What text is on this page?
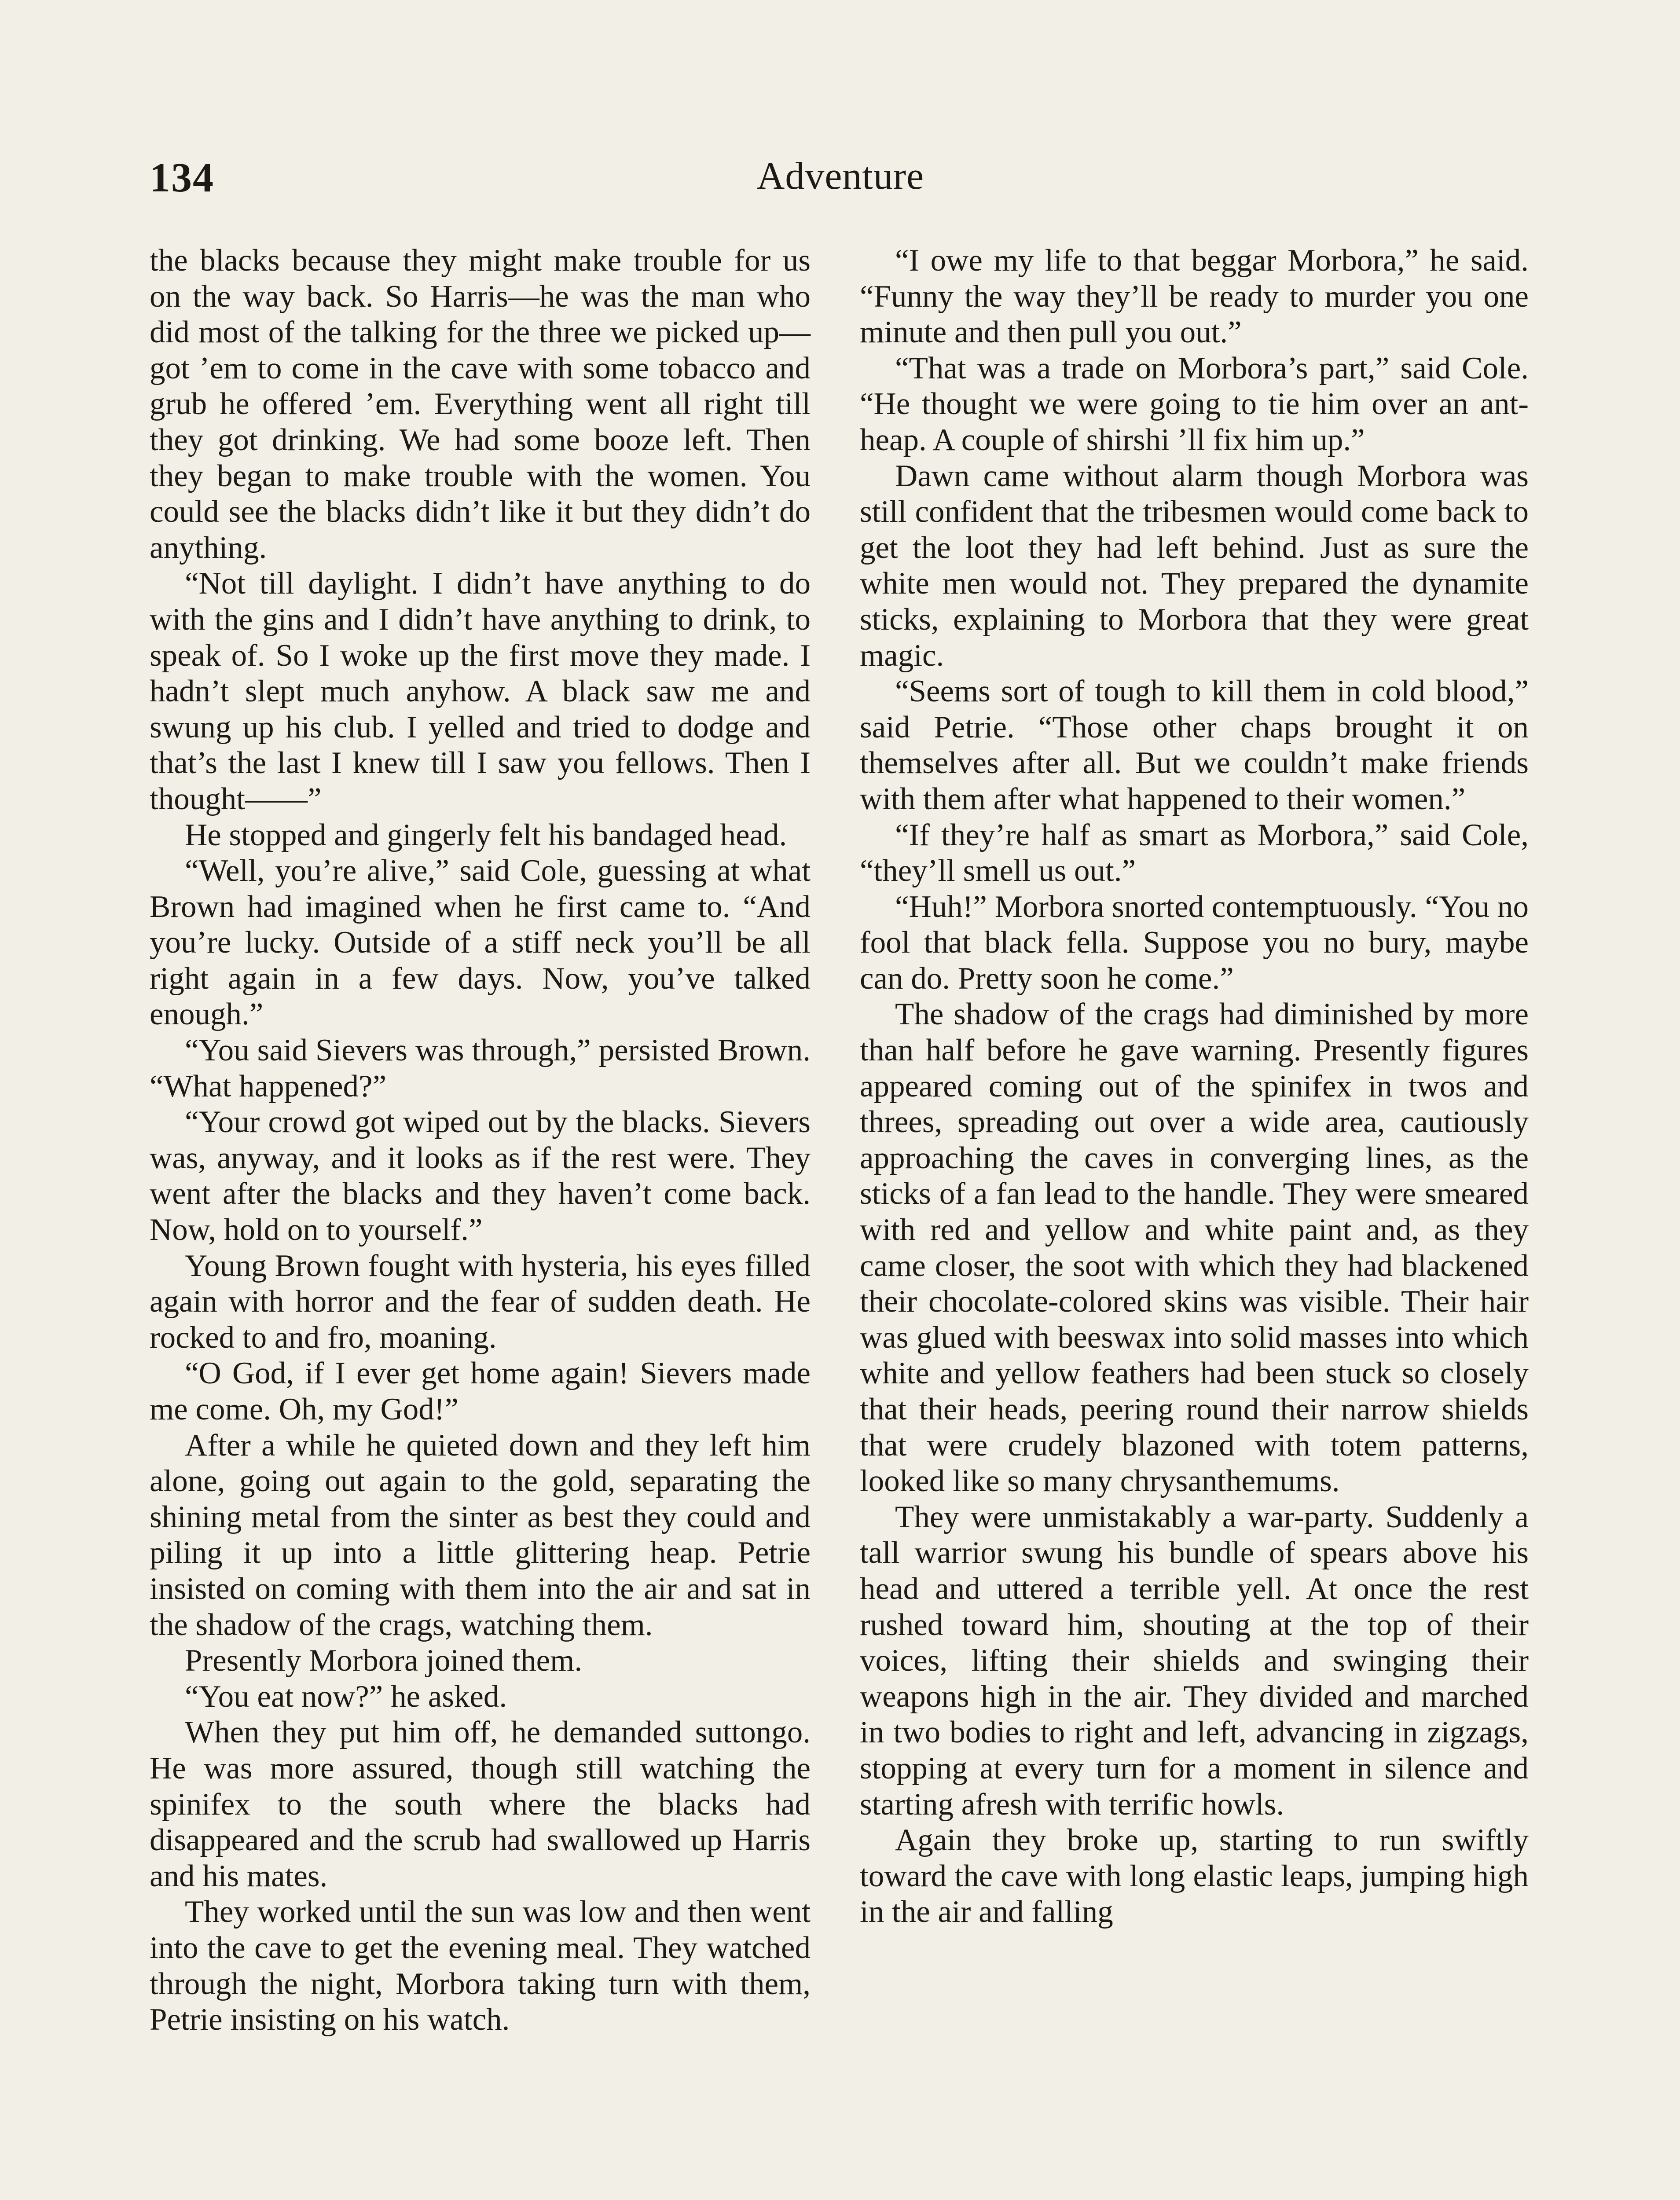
134	Adventure

the blacks because they might make trouble for us on the way back. So Harris—he was the man who did most of the talking for the three we picked up—got ’em to come in the cave with some tobacco and grub he offered ’em. Everything went all right till they got drinking. We had some booze left. Then they began to make trouble with the women. You could see the blacks didn’t like it but they didn’t do anything.

“Not till daylight. I didn’t have anything to do with the gins and I didn’t have anything to drink, to speak of. So I woke up the first move they made. I hadn’t slept much anyhow. A black saw me and swung up his club. I yelled and tried to dodge and that’s the last I knew till I saw you fellows. Then I thought——”

He stopped and gingerly felt his bandaged head.

“Well, you’re alive,” said Cole, guessing at what Brown had imagined when he first came to. “And you’re lucky. Outside of a stiff neck you’ll be all right again in a few days. Now, you’ve talked enough.”

“You said Sievers was through,” persisted Brown. “What happened?”

“Your crowd got wiped out by the blacks. Sievers was, anyway, and it looks as if the rest were. They went after the blacks and they haven’t come back. Now, hold on to yourself.”

Young Brown fought with hysteria, his eyes filled again with horror and the fear of sudden death. He rocked to and fro, moaning.

“O God, if I ever get home again! Sievers made me come. Oh, my God!”

After a while he quieted down and they left him alone, going out again to the gold, separating the shining metal from the sinter as best they could and piling it up into a little glittering heap. Petrie insisted on coming with them into the air and sat in the shadow of the crags, watching them.

Presently Morbora joined them.

“You eat now?” he asked.

When they put him off, he demanded suttongo. He was more assured, though still watching the spinifex to the south where the blacks had disappeared and the scrub had swallowed up Harris and his mates.

They worked until the sun was low and then went into the cave to get the evening meal. They watched through the night, Morbora taking turn with them, Petrie insisting on his watch.

“I owe my life to that beggar Morbora,” he said. “Funny the way they’ll be ready to murder you one minute and then pull you out.”

“That was a trade on Morbora’s part,” said Cole. “He thought we were going to tie him over an ant-heap. A couple of shirshi ’ll fix him up.”

Dawn came without alarm though Morbora was still confident that the tribesmen would come back to get the loot they had left behind. Just as sure the white men would not. They prepared the dynamite sticks, explaining to Morbora that they were great magic.

“Seems sort of tough to kill them in cold blood,” said Petrie. “Those other chaps brought it on themselves after all. But we couldn’t make friends with them after what happened to their women.”

“If they’re half as smart as Morbora,” said Cole, “they’ll smell us out.”

“Huh!” Morbora snorted contemptuously. “You no fool that black fella. Suppose you no bury, maybe can do. Pretty soon he come.”

The shadow of the crags had diminished by more than half before he gave warning. Presently figures appeared coming out of the spinifex in twos and threes, spreading out over a wide area, cautiously approaching the caves in converging lines, as the sticks of a fan lead to the handle. They were smeared with red and yellow and white paint and, as they came closer, the soot with which they had blackened their chocolate-colored skins was visible. Their hair was glued with beeswax into solid masses into which white and yellow feathers had been stuck so closely that their heads, peering round their narrow shields that were crudely blazoned with totem patterns, looked like so many chrysanthemums.

They were unmistakably a war-party. Suddenly a tall warrior swung his bundle of spears above his head and uttered a terrible yell. At once the rest rushed toward him, shouting at the top of their voices, lifting their shields and swinging their weapons high in the air. They divided and marched in two bodies to right and left, advancing in zigzags, stopping at every turn for a moment in silence and starting afresh with terrific howls.

Again they broke up, starting to run swiftly toward the cave with long elastic leaps, jumping high in the air and falling
